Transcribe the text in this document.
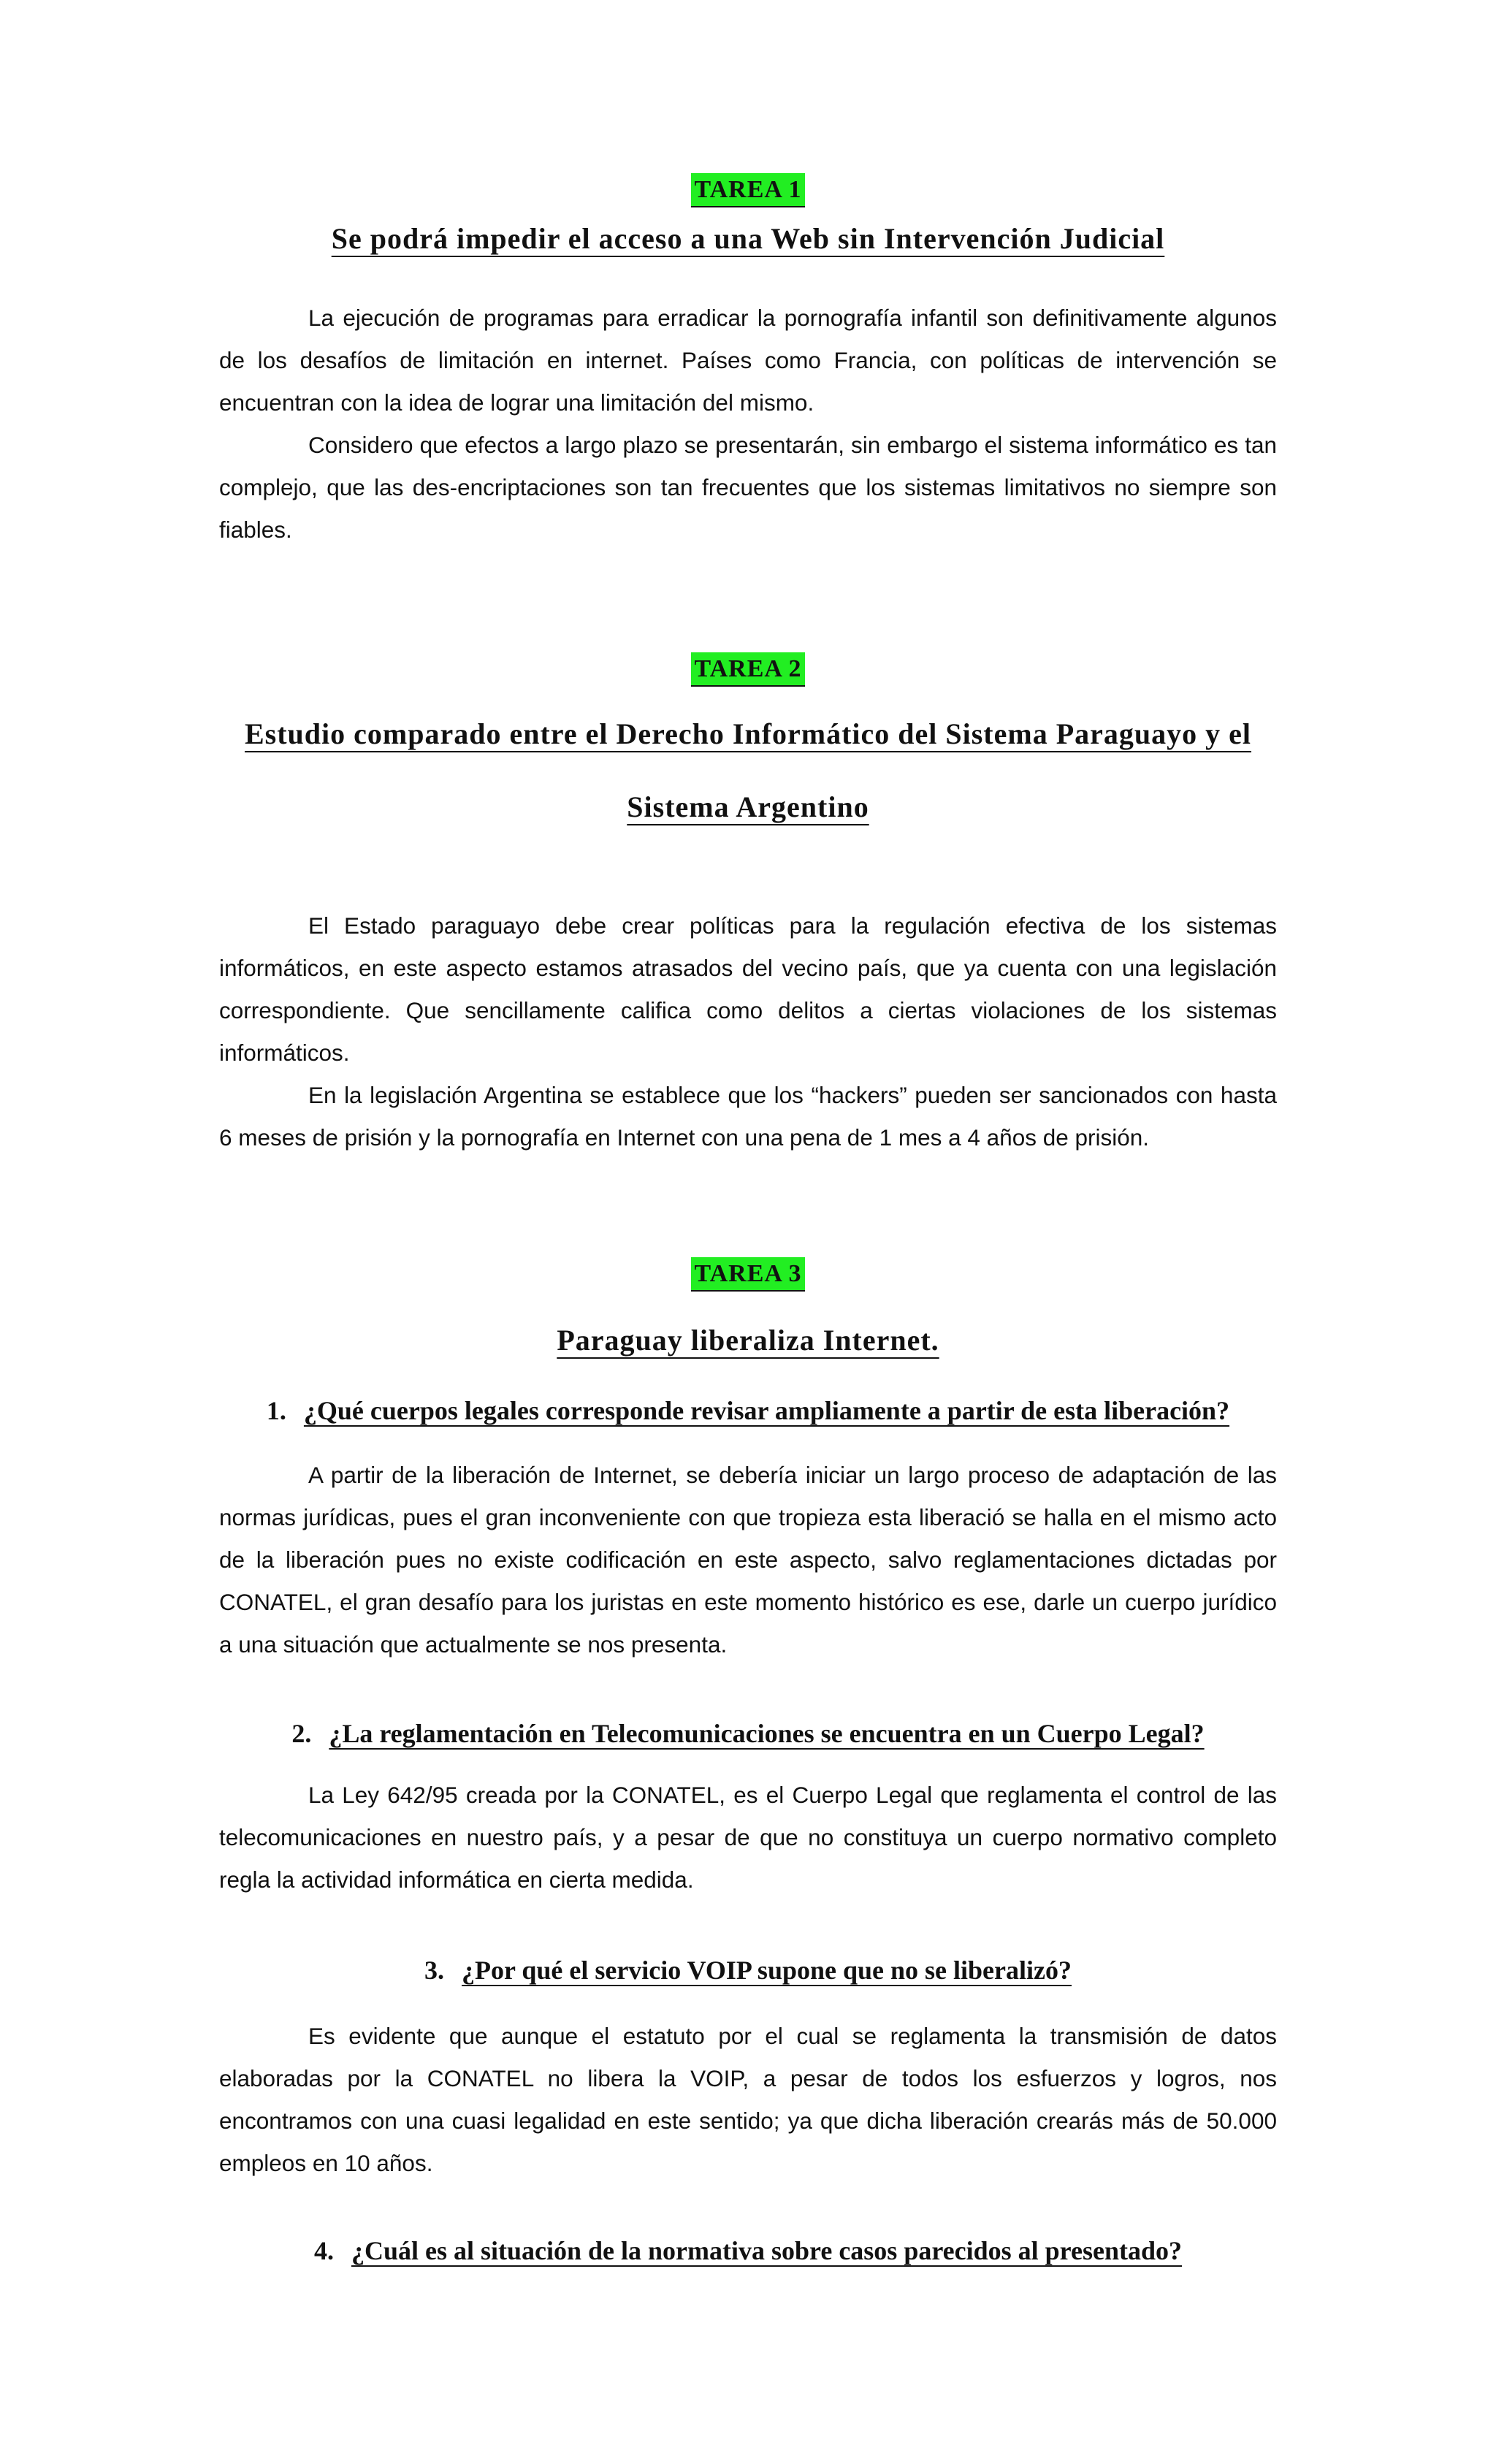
TAREA 1
Se podrá impedir el acceso a una Web sin Intervención Judicial

La ejecución de programas para erradicar la pornografía infantil son definitivamente algunos de los desafíos de limitación en internet. Países como Francia, con políticas de intervención se encuentran con la idea de lograr una limitación del mismo.

Considero que efectos a largo plazo se presentarán, sin embargo el sistema informático es tan complejo, que las des-encriptaciones son tan frecuentes que los sistemas limitativos no siempre son fiables.

TAREA 2
Estudio comparado entre el Derecho Informático del Sistema Paraguayo y el
Sistema Argentino

El Estado paraguayo debe crear políticas para la regulación efectiva de los sistemas informáticos, en este aspecto estamos atrasados del vecino país, que ya cuenta con una legislación correspondiente. Que sencillamente califica como delitos a ciertas violaciones de los sistemas informáticos.

En la legislación Argentina se establece que los “hackers” pueden ser sancionados con hasta 6 meses de prisión y la pornografía en Internet con una pena de 1 mes a 4 años de prisión.

TAREA 3
Paraguay liberaliza Internet.
1. ¿Qué cuerpos legales corresponde revisar ampliamente a partir de esta liberación?

A partir de la liberación de Internet, se debería iniciar un largo proceso de adaptación de las normas jurídicas, pues el gran inconveniente con que tropieza esta liberació se halla en el mismo acto de la liberación pues no existe codificación en este aspecto, salvo reglamentaciones dictadas por CONATEL, el gran desafío para los juristas en este momento histórico es ese, darle un cuerpo jurídico a una situación que actualmente se nos presenta.

2. ¿La reglamentación en Telecomunicaciones se encuentra en un Cuerpo Legal?

La Ley 642/95 creada por la CONATEL, es el Cuerpo Legal que reglamenta el control de las telecomunicaciones en nuestro país, y a pesar de que no constituya un cuerpo normativo completo regla la actividad informática en cierta medida.

3. ¿Por qué el servicio VOIP supone que no se liberalizó?

Es evidente que aunque el estatuto por el cual se reglamenta la transmisión de datos elaboradas por la CONATEL no libera la VOIP, a pesar de todos los esfuerzos y logros, nos encontramos con una cuasi legalidad en este sentido; ya que dicha liberación crearás más de 50.000 empleos en 10 años.

4. ¿Cuál es al situación de la normativa sobre casos parecidos al presentado?
